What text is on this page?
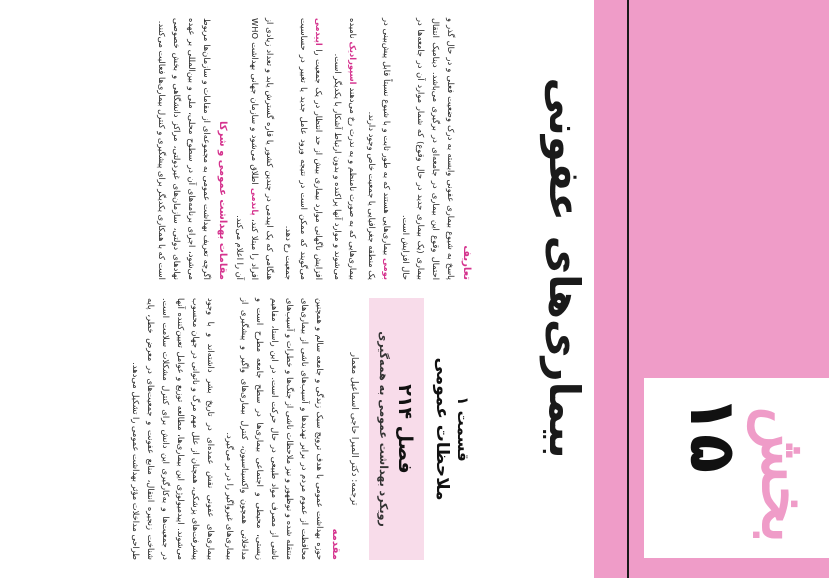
بخش
۱۵
بیماری‌های عفونی
قسمت ۱
ملاحظات عمومی
فصل ۲۱۴
رویکرد بهداشت عمومی به همه‌گیری
ترجمه: دکتر المیرا حاجی اسماعیل معمار
مقدمه
حوزه بهداشت عمومی با هدف ترویج سبک زندگی و جامعه سالم و همچنین محافظت از عموم مردم در برابر تهدیدها و آسیب‌های ناشی از بیماری‌های منتقله شده و نوظهور و نیز ملاحظات ناشی از جنگ‌ها و خطرات و آسیب‌های ناشی از مصرف مواد طبیعی در حال حرکت است. در این راستا، مفاهیم زیستی، محیطی و اجتماعی بیماری‌ها در سطح جامعه مطرح است و مداخلاتی همچون واکسیناسیون، کنترل بیماری‌های واگیر و پیشگیری از بیماری‌های غیرواگیر را در بر می‌گیرد.
بیماری‌های عفونی نقش عمده‌ای در تاریخ بشر داشته‌اند و با وجود پیشرفت‌های پزشکی، همچنان از علل مهم مرگ و ناتوانی در جهان محسوب می‌شوند. اپیدمیولوژی این بیماری‌ها، مطالعه توزیع و عوامل تعیین‌کننده آنها در جمعیت‌ها و به‌کارگیری این دانش برای کنترل مشکلات سلامت است. شناخت زنجیره انتقال، منابع عفونت و جمعیت‌های در معرض خطر، پایه طراحی مداخلات مؤثر بهداشت عمومی را تشکیل می‌دهد.
تعاریف
پاسخ به شیوع بیماری عفونی وابسته به درک وضعیت فعلی و در حال گذر و احتمال وقوع این بیماری در جامعه‌ای در برگیری می‌باشد. دینامیک انتقال بیماری (یک بیماری جدید در حال وقوع) که شمار موارد آن در جامعه‌ها در حال افزایش است.
بومی بیماری‌هایی هستند که به طور ثابت و با شیوع نسبتاً قابل پیش‌بینی در یک منطقه جغرافیایی یا جمعیت خاص وجود دارند.
بیماری‌هایی که به صورت نامنظم و به ندرت رخ می‌دهند اسپورادیک نامیده می‌شوند و موارد آنها پراکنده و بدون ارتباط آشکار با یکدیگر است.
افزایش ناگهانی موارد بیماری بیش از حد انتظار در یک جمعیت را اپیدمی می‌گویند که ممکن است در نتیجه ورود عامل جدید یا تغییر در حساسیت جمعیت رخ دهد.
هنگامی که یک اپیدمی در چندین کشور یا قاره گسترش یابد و تعداد زیادی از افراد را مبتلا کند، پاندمی اطلاق می‌شود و سازمان جهانی بهداشت WHO آن را اعلام می‌کند.
مقامات بهداشت عمومی و شرکا
اگرچه تعریف بهداشت عمومی به مجموعه‌ای از مقامات و سازمان‌ها مربوط می‌شود، اجرای برنامه‌های آن در سطوح محلی، ملی و بین‌المللی بر عهده نهادهای دولتی، سازمان‌های غیردولتی، مراکز دانشگاهی و بخش خصوصی است که با همکاری یکدیگر برای پیشگیری و کنترل بیماری‌ها فعالیت می‌کنند.
